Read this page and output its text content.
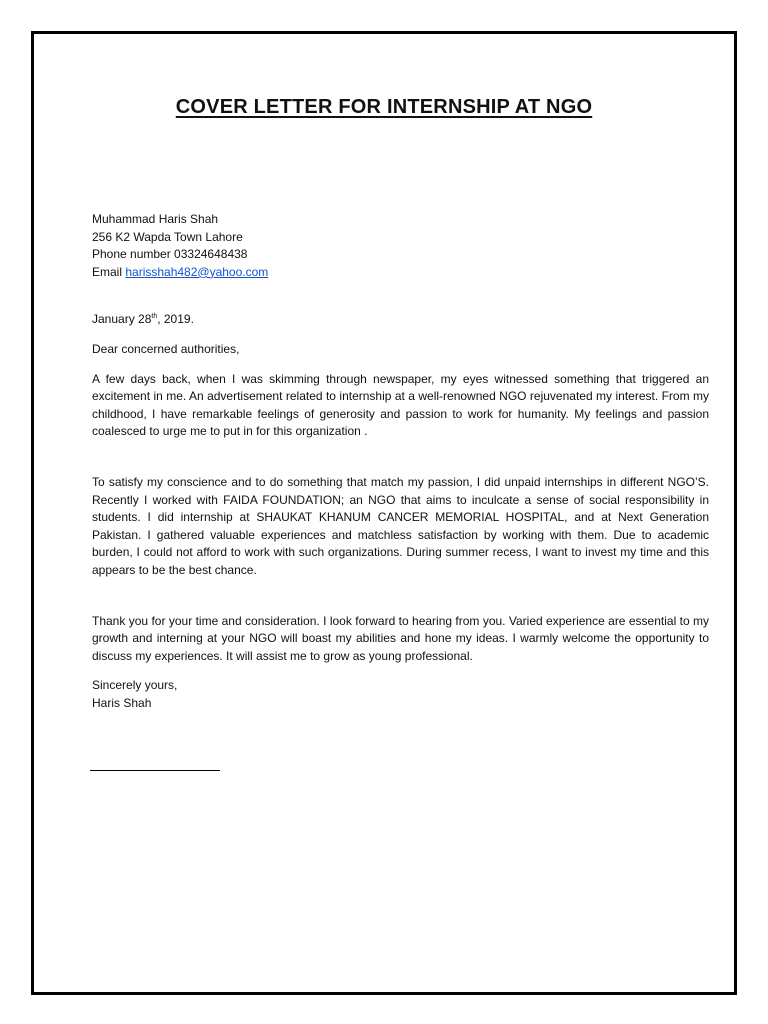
COVER LETTER FOR INTERNSHIP AT NGO

Muhammad Haris Shah

256 K2 Wapda Town Lahore

Phone number 03324648438

Email harisshah482@yahoo.com

January 28th, 2019.

Dear concerned authorities,

A few days back, when I was skimming through newspaper, my eyes witnessed something that triggered an excitement in me. An advertisement related to internship at a well-renowned NGO rejuvenated my interest. From my childhood, I have remarkable feelings of generosity and passion to work for humanity. My feelings and passion coalesced to urge me to put in for this organization .

To satisfy my conscience and to do something that match my passion, I did unpaid internships in different NGO’S. Recently I worked with FAIDA FOUNDATION; an NGO that aims to inculcate a sense of social responsibility in students. I did internship at SHAUKAT KHANUM CANCER MEMORIAL HOSPITAL, and at Next Generation Pakistan. I gathered valuable experiences and matchless satisfaction by working with them. Due to academic burden, I could not afford to work with such organizations. During summer recess, I want to invest my time and this appears to be the best chance.

Thank you for your time and consideration. I look forward to hearing from you. Varied experience are essential to my growth and interning at your NGO will boast my abilities and hone my ideas. I warmly welcome the opportunity to discuss my experiences. It will assist me to grow as young professional.

Sincerely yours,

Haris Shah
